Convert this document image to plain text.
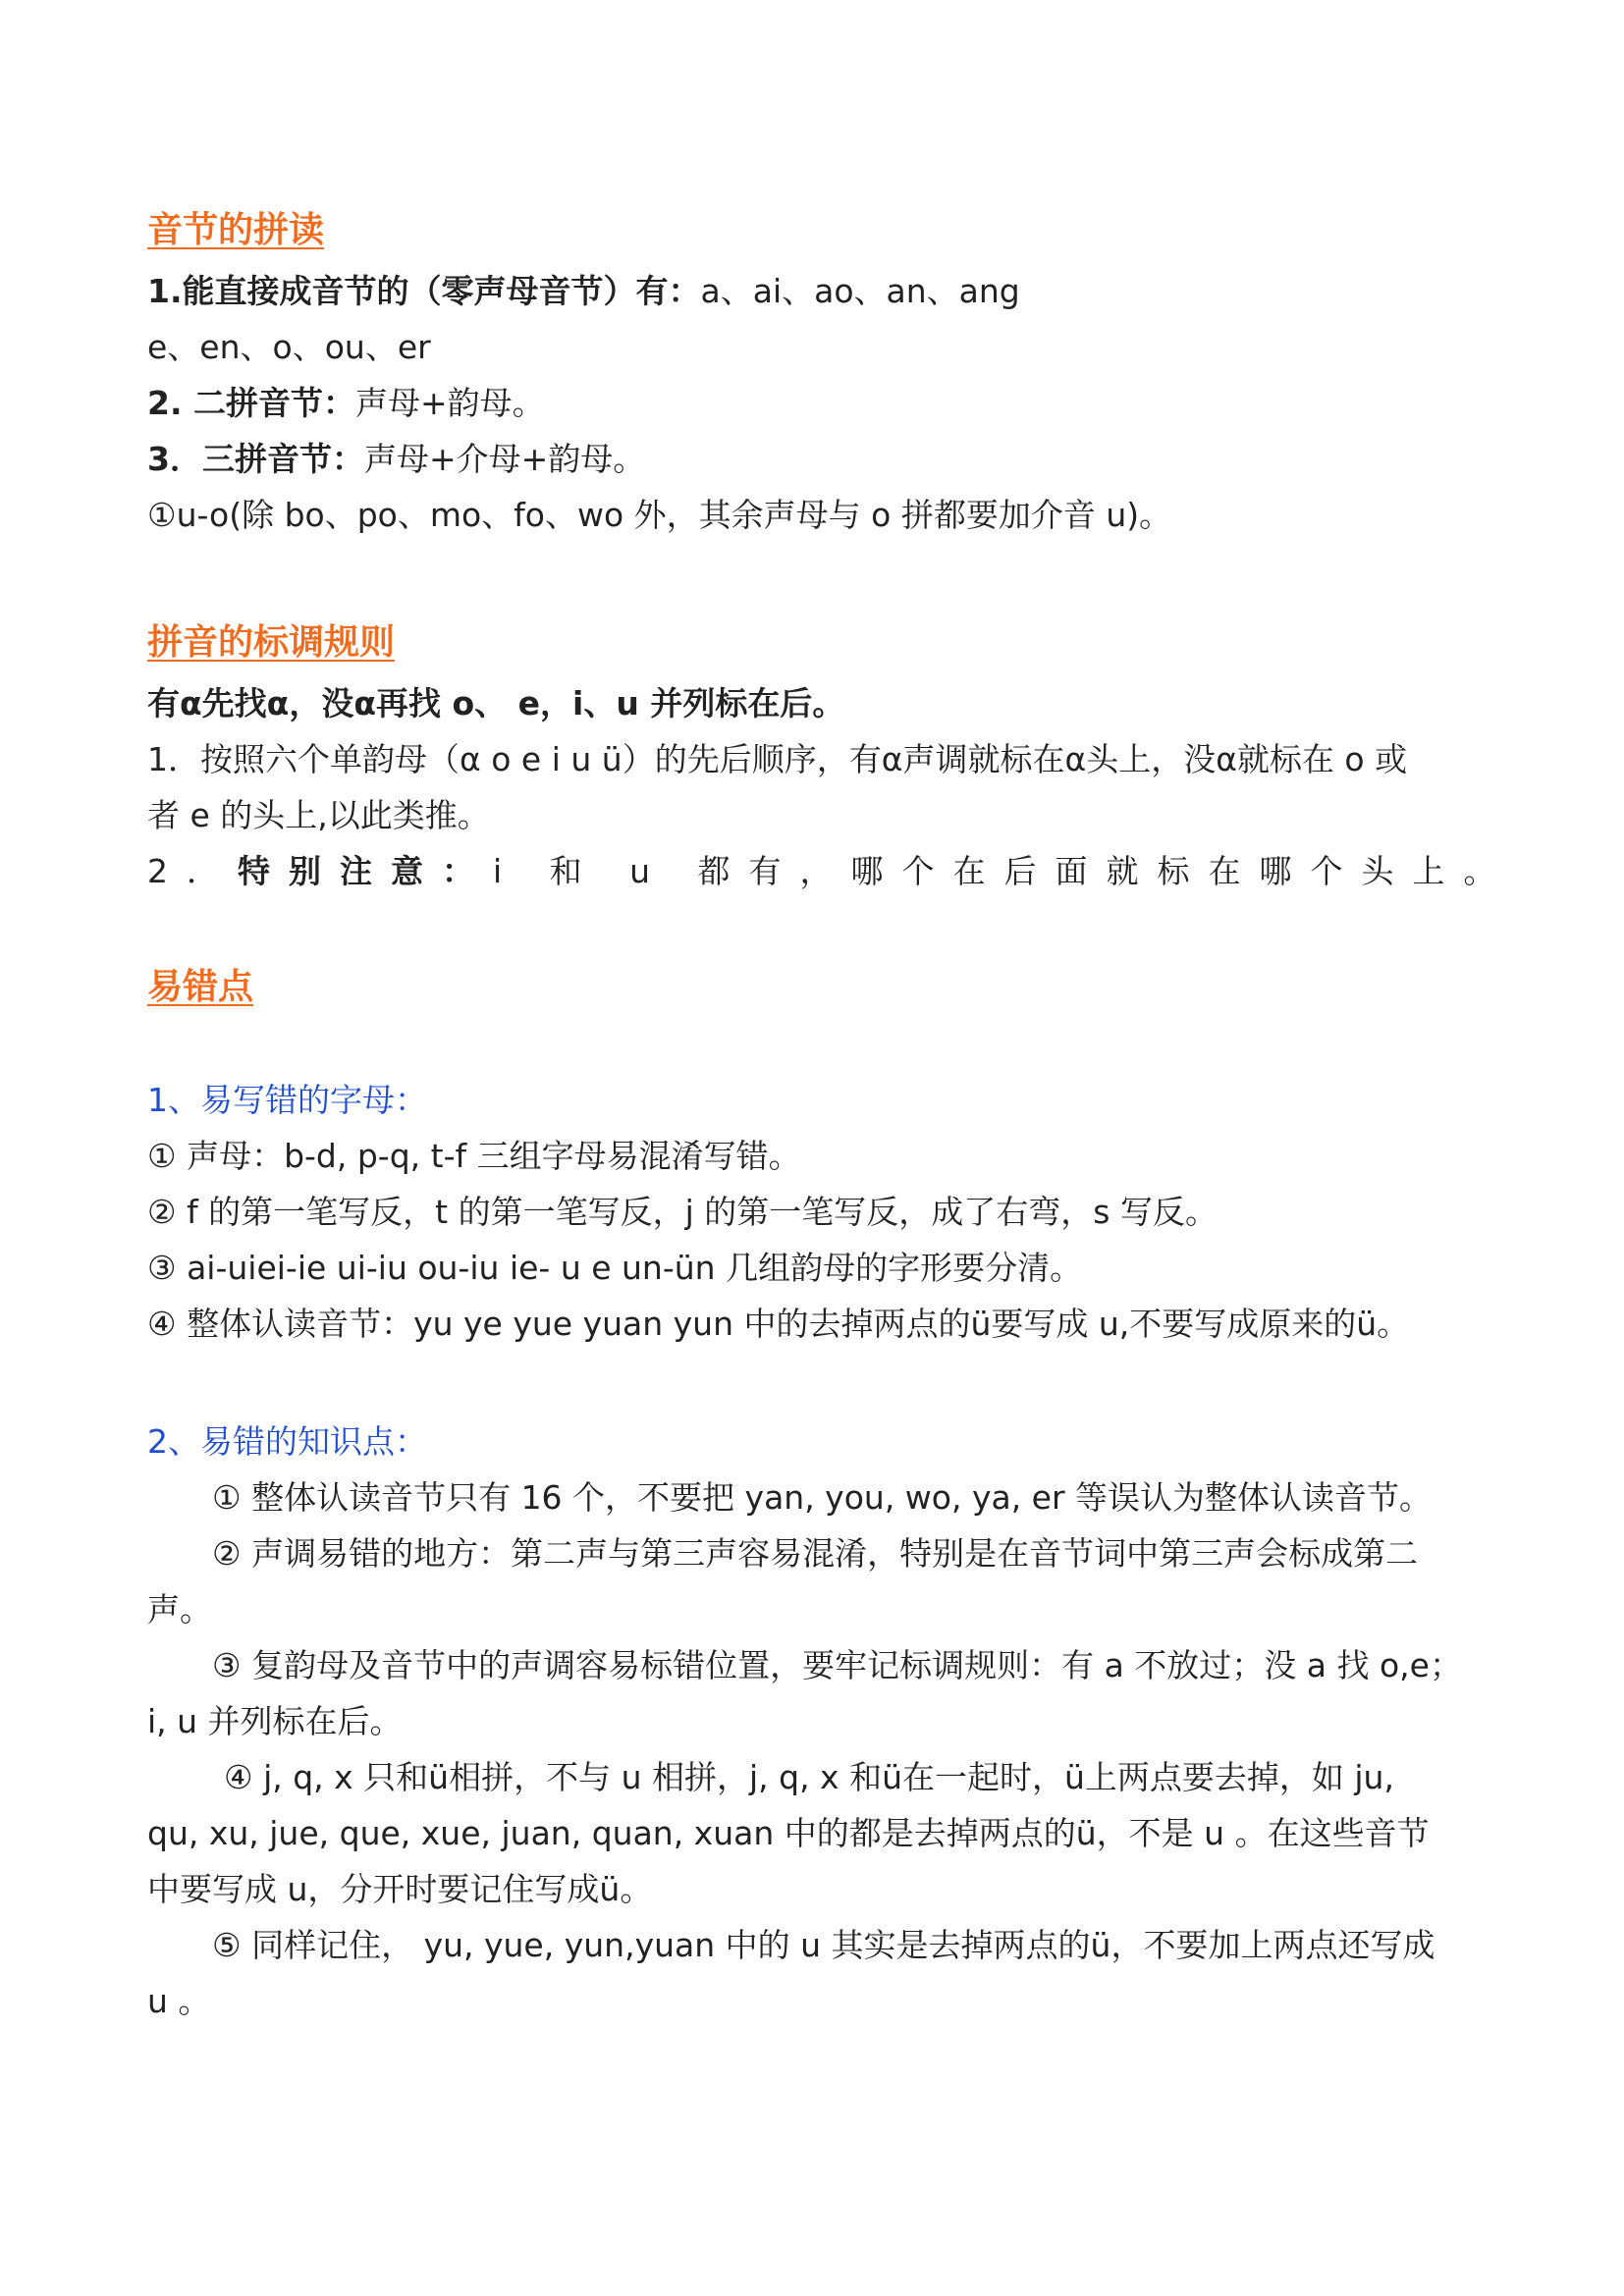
音节的拼读
1.能直接成音节的（零声母音节）有：a、ai、ao、an、ang
e、en、o、ou、er
2. 二拼音节：声母+韵母。
3．三拼音节：声母+介母+韵母。
①u-o(除 bo、po、mo、fo、wo 外，其余声母与 o 拼都要加介音 u)。
拼音的标调规则
有α先找α，没α再找 o、 e，i、u 并列标在后。
1．按照六个单韵母（α o e i u ü）的先后顺序，有α声调就标在α头上，没α就标在 o 或
者 e 的头上,以此类推。
2．特别注意：i 和 u 都有，哪个在后面就标在哪个头上。
易错点
1、易写错的字母：
① 声母：b-d, p-q, t-f 三组字母易混淆写错。
② f 的第一笔写反，t 的第一笔写反，j 的第一笔写反，成了右弯，s 写反。
③ ai-uiei-ie ui-iu ou-iu ie- u e un-ün 几组韵母的字形要分清。
④ 整体认读音节：yu ye yue yuan yun 中的去掉两点的ü要写成 u,不要写成原来的ü。
2、易错的知识点：
① 整体认读音节只有 16 个，不要把 yan, you, wo, ya, er 等误认为整体认读音节。
② 声调易错的地方：第二声与第三声容易混淆，特别是在音节词中第三声会标成第二
声。
③ 复韵母及音节中的声调容易标错位置，要牢记标调规则：有 a 不放过；没 a 找 o,e；
i, u 并列标在后。
④ j, q, x 只和ü相拼，不与 u 相拼，j, q, x 和ü在一起时，ü上两点要去掉，如 ju,
qu, xu, jue, que, xue, juan, quan, xuan 中的都是去掉两点的ü，不是 u 。在这些音节
中要写成 u，分开时要记住写成ü。
⑤ 同样记住， yu, yue, yun,yuan 中的 u 其实是去掉两点的ü，不要加上两点还写成
u 。
